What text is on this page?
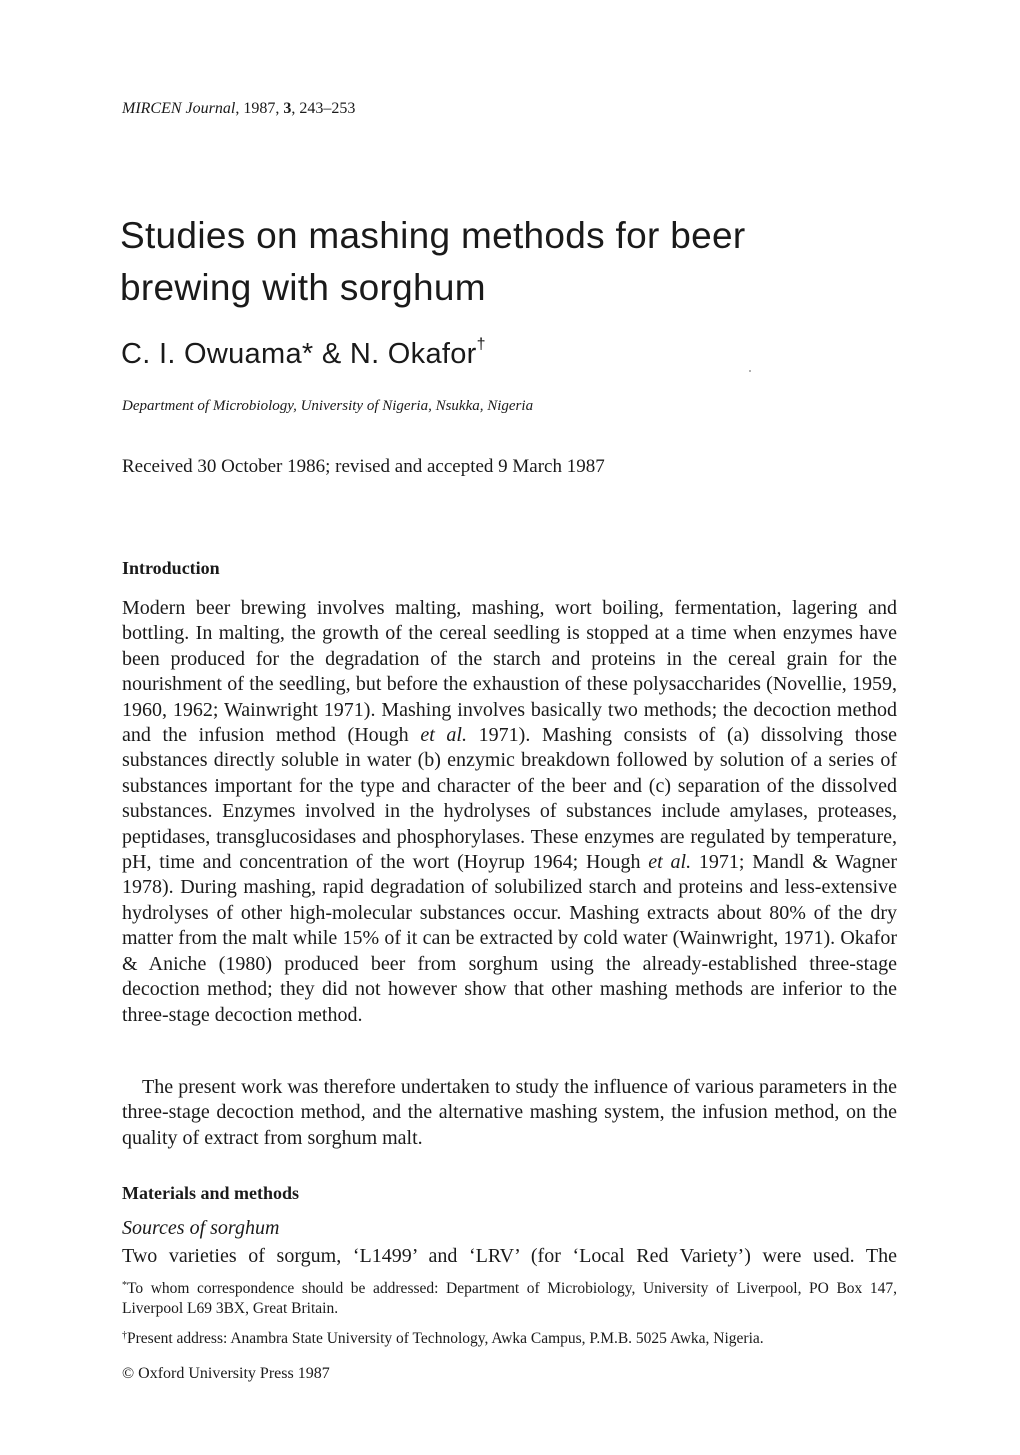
MIRCEN Journal, 1987, 3, 243–253
Studies on mashing methods for beer brewing with sorghum
C. I. Owuama* & N. Okafor†
Department of Microbiology, University of Nigeria, Nsukka, Nigeria
Received 30 October 1986; revised and accepted 9 March 1987
Introduction
Modern beer brewing involves malting, mashing, wort boiling, fermentation, lagering and bottling. In malting, the growth of the cereal seedling is stopped at a time when enzymes have been produced for the degradation of the starch and proteins in the cereal grain for the nourishment of the seedling, but before the exhaustion of these polysaccharides (Novellie, 1959, 1960, 1962; Wainwright 1971). Mashing involves basically two methods; the decoction method and the infusion method (Hough et al. 1971). Mashing consists of (a) dissolving those substances directly soluble in water (b) enzymic breakdown followed by solution of a series of substances important for the type and character of the beer and (c) separation of the dissolved substances. Enzymes involved in the hydrolyses of substances include amylases, proteases, peptidases, transglucosidases and phosphorylases. These enzymes are regulated by temperature, pH, time and concentration of the wort (Hoyrup 1964; Hough et al. 1971; Mandl & Wagner 1978). During mashing, rapid degradation of solubilized starch and proteins and less-extensive hydrolyses of other high-molecular substances occur. Mashing extracts about 80% of the dry matter from the malt while 15% of it can be extracted by cold water (Wainwright, 1971). Okafor & Aniche (1980) produced beer from sorghum using the already-established three-stage decoction method; they did not however show that other mashing methods are inferior to the three-stage decoction method.
The present work was therefore undertaken to study the influence of various parameters in the three-stage decoction method, and the alternative mashing system, the infusion method, on the quality of extract from sorghum malt.
Materials and methods
Sources of sorghum
Two varieties of sorgum, ‘L1499’ and ‘LRV’ (for ‘Local Red Variety’) were used. The
*To whom correspondence should be addressed: Department of Microbiology, University of Liverpool, PO Box 147, Liverpool L69 3BX, Great Britain.
†Present address: Anambra State University of Technology, Awka Campus, P.M.B. 5025 Awka, Nigeria.
© Oxford University Press 1987
